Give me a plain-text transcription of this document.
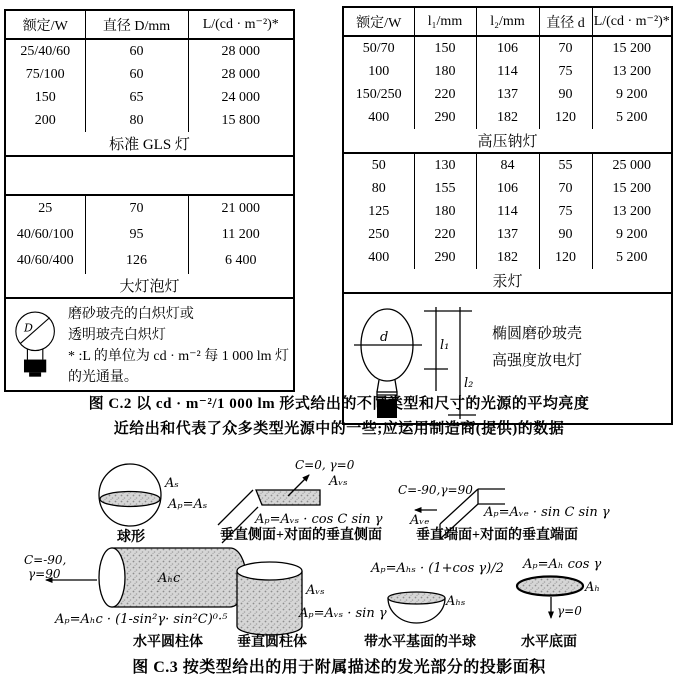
额定/W	直径 D/mm	L/(cd · m⁻²)*
25/40/60	60	28 000
75/100	60	28 000
150	65	24 000
200	80	15 800
标准 GLS 灯		

25	70	21 000
40/60/100	95	11 200
40/60/400	126	6 400
大灯泡灯		

D
磨砂玻壳的白炽灯或
透明玻壳白炽灯
* :L 的单位为 cd · m⁻² 每 1 000 lm 灯
的光通量。		
额定/W	l₁/mm	l₂/mm	直径 d	L/(cd · m⁻²)*
50/70	150	106	70	15 200
100	180	114	75	13 200
150/250	220	137	90	9 200
400	290	182	120	5 200
高压钠灯				
50	130	84	55	25 000
80	155	106	70	15 200
125	180	114	75	13 200
250	220	137	90	9 200
400	290	182	120	5 200
汞灯				

d
l₁
l₂
椭圆磨砂玻壳
高强度放电灯				
图 C.2 以 cd · m⁻²/1 000 lm 形式给出的不同类型和尺寸的光源的平均亮度
近给出和代表了众多类型光源中的一些;应运用制造商(提供)的数据
Aₛ
Aₚ=Aₛ
球形
C=0, γ=0
Aᵥₛ
Aₚ=Aᵥₛ · cos C sin γ
垂直侧面+对面的垂直侧面
C=-90,γ=90
Aᵥₑ
Aₚ=Aᵥₑ · sin C sin γ
垂直端面+对面的垂直端面
Aₕc
C=-90,
γ=90
Aₚ=Aₕc · (1-sin²γ· sin²C)⁰·⁵
水平圆柱体
Aᵥₛ
Aₚ=Aᵥₛ · sin γ
垂直圆柱体
Aₚ=Aₕₛ · (1+cos γ)/2
Aₕₛ
带水平基面的半球
Aₚ=Aₕ cos γ
Aₕ
γ=0
水平底面
图 C.3 按类型给出的用于附属描述的发光部分的投影面积
